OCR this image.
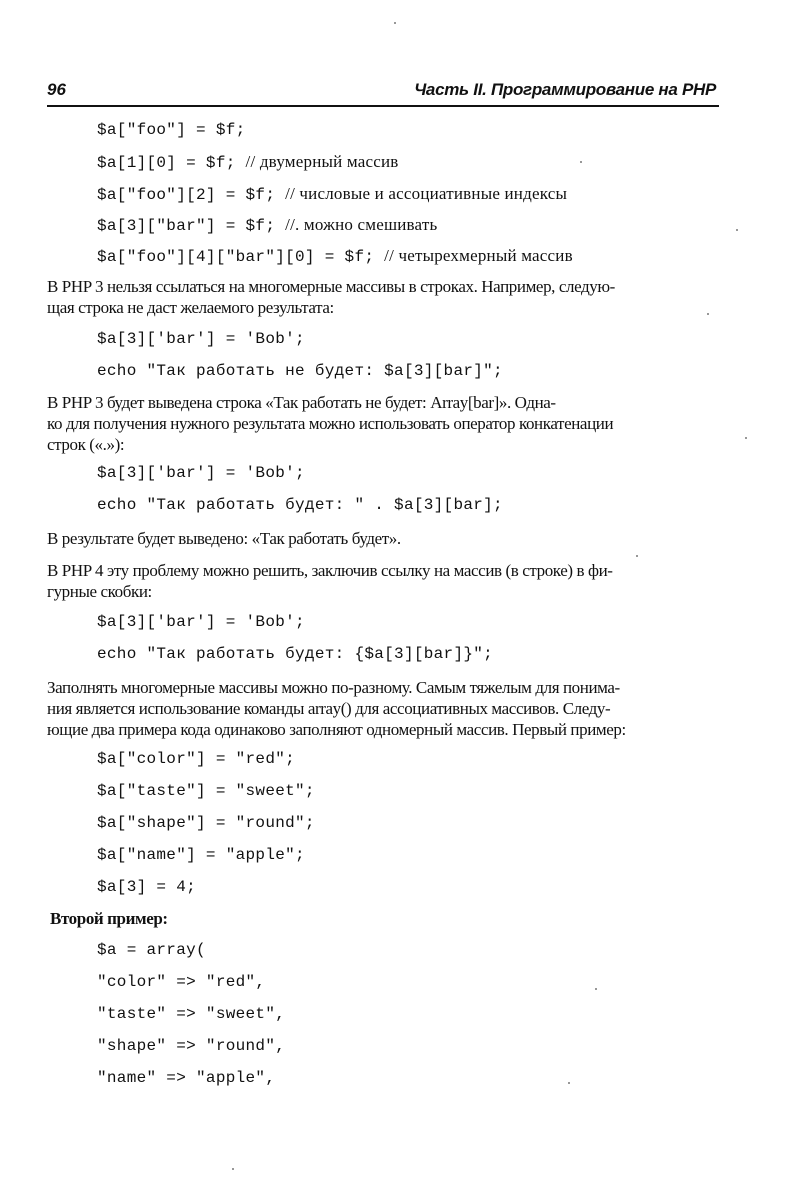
96	Часть II. Программирование на PHP
$a["foo"] = $f;
$a[1][0] = $f; // двумерный массив
$a["foo"][2] = $f; // числовые и ассоциативные индексы
$a[3]["bar"] = $f; //. можно смешивать
$a["foo"][4]["bar"][0] = $f; // четырехмерный массив
В PHP 3 нельзя ссылаться на многомерные массивы в строках. Например, следую-
щая строка не даст желаемого результата:
$a[3]['bar'] = 'Bob';
echo "Так работать не будет: $a[3][bar]";
В PHP 3 будет выведена строка «Так работать не будет: Array[bar]». Одна-
ко для получения нужного результата можно использовать оператор конкатенации
строк («.»):
$a[3]['bar'] = 'Bob';
echo "Так работать будет: " . $a[3][bar];
В результате будет выведено: «Так работать будет».
В PHP 4 эту проблему можно решить, заключив ссылку на массив (в строке) в фи-
гурные скобки:
$a[3]['bar'] = 'Bob';
echo "Так работать будет: {$a[3][bar]}";
Заполнять многомерные массивы можно по-разному. Самым тяжелым для понима-
ния является использование команды array() для ассоциативных массивов. Следу-
ющие два примера кода одинаково заполняют одномерный массив. Первый пример:
$a["color"] = "red";
$a["taste"] = "sweet";
$a["shape"] = "round";
$a["name"] = "apple";
$a[3] = 4;
Второй пример:
$a = array(
"color" => "red",
"taste" => "sweet",
"shape" => "round",
"name" => "apple",
